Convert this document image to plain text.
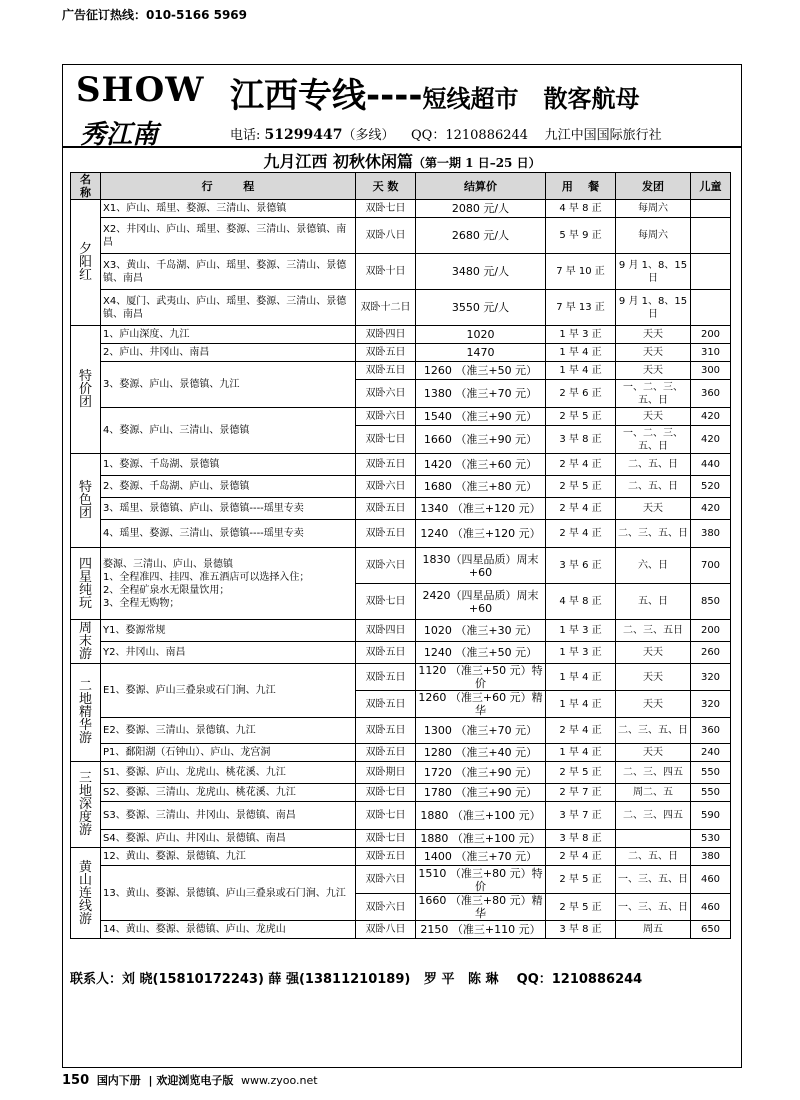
广告征订热线：010-5166 5969
SHOW 江西专线----短线超市   散客航母
秀江南	电话: 51299447（多线） QQ：1210886244 九江中国国际旅行社
九月江西 初秋休闲篇（第一期 1 日–25 日）
名 称	行        程	天 数	结算价	用    餐	发团	儿童
夕
阳
红	X1、庐山、瑶里、婺源、三清山、景德镇	双卧七日	2080 元/人	4 早 8 正	每周六	
	X2、井冈山、庐山、瑶里、婺源、三清山、景德镇、南昌	双卧八日	2680 元/人	5 早 9 正	每周六	
	X3、黄山、千岛湖、庐山、瑶里、婺源、三清山、景德镇、南昌	双卧十日	3480 元/人	7 早 10 正	9 月 1、8、15 日	
	X4、厦门、武夷山、庐山、瑶里、婺源、三清山、景德镇、南昌	双卧十二日	3550 元/人	7 早 13 正	9 月 1、8、15 日	
特
价
团	1、庐山深度、九江	双卧四日	1020	1 早 3 正	天天	200
	2、庐山、井冈山、南昌	双卧五日	1470	1 早 4 正	天天	310
	3、婺源、庐山、景德镇、九江	双卧五日	1260 （准三+50 元）	1 早 4 正	天天	300
		双卧六日	1380 （准三+70 元）	2 早 6 正	一、二、三、五、日	360
	4、婺源、庐山、三清山、景德镇	双卧六日	1540 （准三+90 元）	2 早 5 正	天天	420
		双卧七日	1660 （准三+90 元）	3 早 8 正	一、二、三、五、日	420
特
色
团	1、婺源、千岛湖、景德镇	双卧五日	1420 （准三+60 元）	2 早 4 正	二、五、日	440
	2、婺源、千岛湖、庐山、景德镇	双卧六日	1680 （准三+80 元）	2 早 5 正	二、五、日	520
	3、瑶里、景德镇、庐山、景德镇----瑶里专卖	双卧五日	1340 （准三+120 元）	2 早 4 正	天天	420
	4、瑶里、婺源、三清山、景德镇----瑶里专卖	双卧五日	1240 （准三+120 元）	2 早 4 正	二、三、五、日	380
四
星
纯
玩	婺源、三清山、庐山、景德镇
1、全程准四、挂四、准五酒店可以选择入住；
2、全程矿泉水无限量饮用；
3、全程无购物；	双卧六日	1830（四星品质）周末+60	3 早 6 正	六、日	700
		双卧七日	2420（四星品质）周末+60	4 早 8 正	五、日	850
周
末
游	Y1、婺源常规	双卧四日	1020 （准三+30 元）	1 早 3 正	二、三、五日	200
	Y2、井冈山、南昌	双卧五日	1240 （准三+50 元）	1 早 3 正	天天	260
二
地
精
华
游	E1、婺源、庐山三叠泉或石门涧、九江	双卧五日	1120 （准三+50 元）特价	1 早 4 正	天天	320
		双卧五日	1260 （准三+60 元）精华	1 早 4 正	天天	320
	E2、婺源、三清山、景德镇、九江	双卧五日	1300 （准三+70 元）	2 早 4 正	二、三、五、日	360
	P1、鄱阳湖（石钟山）、庐山、龙宫洞	双卧五日	1280 （准三+40 元）	1 早 4 正	天天	240
三
地
深
度
游	S1、婺源、庐山、龙虎山、桃花溪、九江	双卧期日	1720 （准三+90 元）	2 早 5 正	二、三、四五	550
	S2、婺源、三清山、龙虎山、桃花溪、九江	双卧七日	1780 （准三+90 元）	2 早 7 正	周二、五	550
	S3、婺源、三清山、井冈山、景德镇、南昌	双卧七日	1880 （准三+100 元）	3 早 7 正	二、三、四五	590
	S4、婺源、庐山、井冈山、景德镇、南昌	双卧七日	1880 （准三+100 元）	3 早 8 正		530
黄
山
连
线
游	12、黄山、婺源、景德镇、九江	双卧五日	1400 （准三+70 元）	2 早 4 正	二、五、日	380
	13、黄山、婺源、景德镇、庐山三叠泉或石门涧、九江	双卧六日	1510 （准三+80 元）特价	2 早 5 正	一、三、五、日	460
		双卧六日	1660 （准三+80 元）精华	2 早 5 正	一、三、五、日	460
	14、黄山、婺源、景德镇、庐山、龙虎山	双卧八日	2150 （准三+110 元）	3 早 8 正	周五	650
联系人：刘 晓(15810172243) 薛 强(13811210189)   罗 平   陈 琳    QQ：1210886244
150 国内下册  | 欢迎浏览电子版 www.zyoo.net
